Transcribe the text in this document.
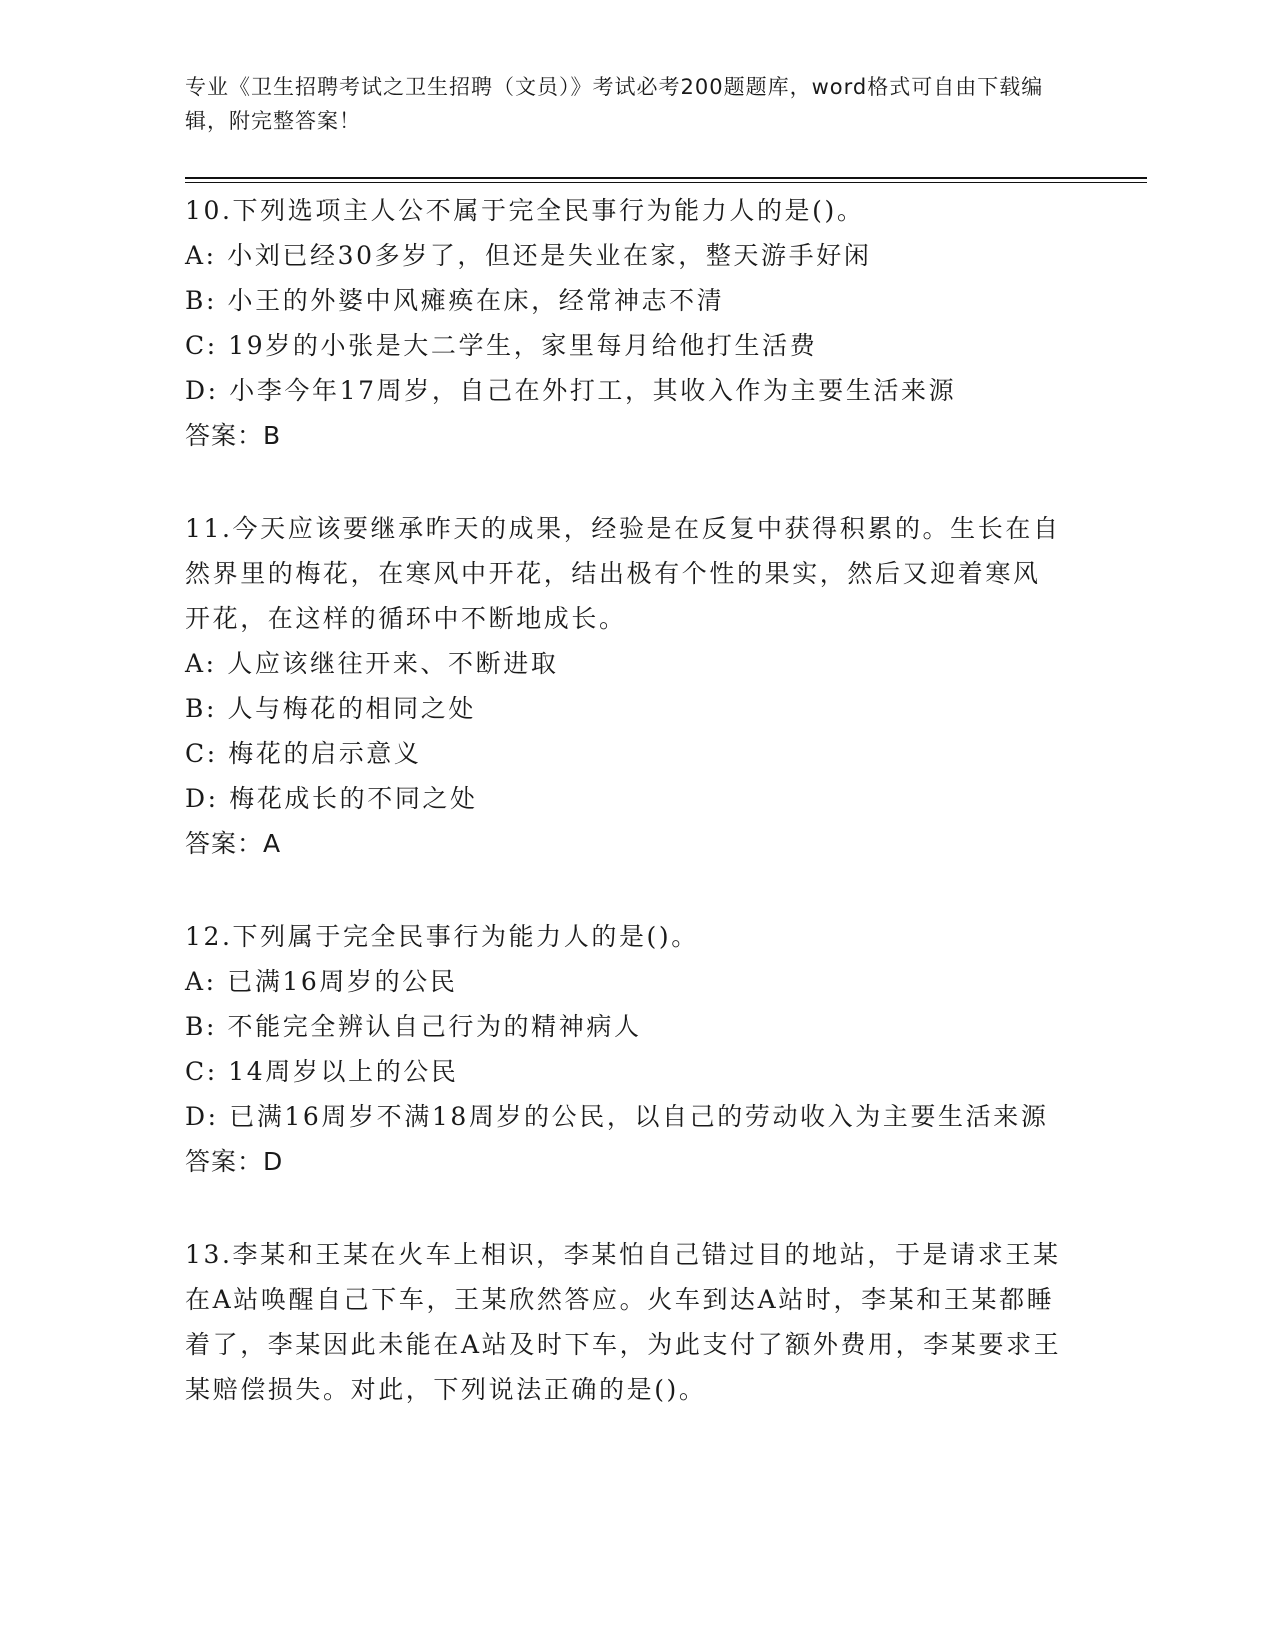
专业《卫生招聘考试之卫生招聘（文员）》考试必考200题题库，word格式可自由下载编辑，附完整答案！
10.下列选项主人公不属于完全民事行为能力人的是()。
A: 小刘已经30多岁了，但还是失业在家，整天游手好闲
B: 小王的外婆中风瘫痪在床，经常神志不清
C: 19岁的小张是大二学生，家里每月给他打生活费
D: 小李今年17周岁，自己在外打工，其收入作为主要生活来源
答案：B
11.今天应该要继承昨天的成果，经验是在反复中获得积累的。生长在自然界里的梅花，在寒风中开花，结出极有个性的果实，然后又迎着寒风开花，在这样的循环中不断地成长。
A: 人应该继往开来、不断进取
B: 人与梅花的相同之处
C: 梅花的启示意义
D: 梅花成长的不同之处
答案：A
12.下列属于完全民事行为能力人的是()。
A: 已满16周岁的公民
B: 不能完全辨认自己行为的精神病人
C: 14周岁以上的公民
D: 已满16周岁不满18周岁的公民，以自己的劳动收入为主要生活来源
答案：D
13.李某和王某在火车上相识，李某怕自己错过目的地站，于是请求王某在A站唤醒自己下车，王某欣然答应。火车到达A站时，李某和王某都睡着了，李某因此未能在A站及时下车，为此支付了额外费用，李某要求王某赔偿损失。对此，下列说法正确的是()。
